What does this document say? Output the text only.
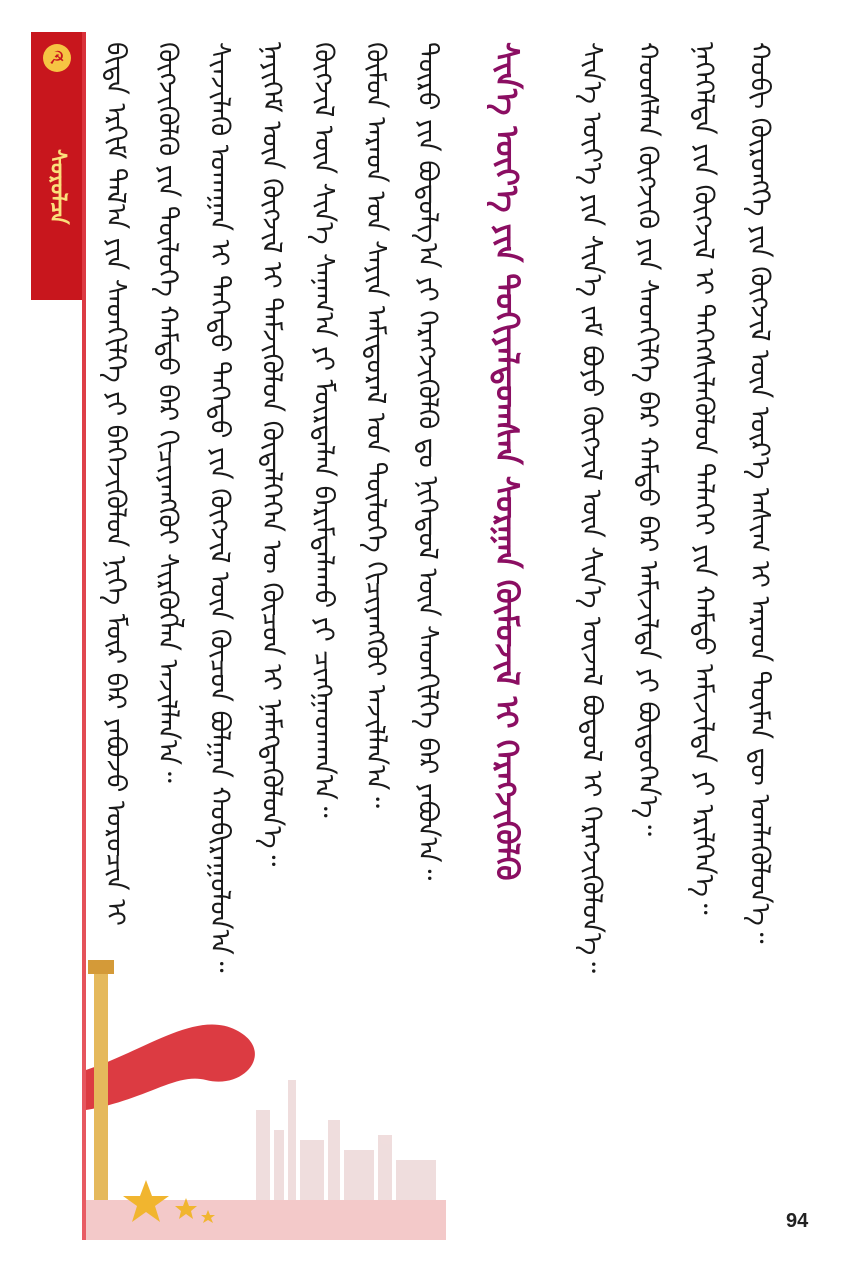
☭
ᠰᠤᠷᠤᠯᠴᠠ ᠪᠢᠳᠡ ᠡᠷᠬᠢᠮ ᠲᠠᠯ᠎ᠠ ᠶᠢᠨ ᠰᠡᠳᠬᠢᠯᠭᠡ ᠶᠢ ᠪᠡᠬᠡᠵᠢᠭᠦᠯᠦᠨ ᠨᠢᠭᠡ ᠮᠥᠷ ᠪᠡᠷ ᠶᠠᠪᠤᠵᠤ ᠣᠷᠤᠴᠢᠨ ᠢ ᠬᠥᠭᠵᠢᠭᠦᠯᠬᠦ ᠶᠢᠨ ᠲᠥᠯᠦᠭᠡ ᠬᠠᠮᠲᠤ ᠪᠡᠷ ᠬᠢᠴᠢᠶᠡᠩᠭᠦᠢ ᠰᠢᠷᠭᠦᠭᠯᠡᠨ ᠠᠵᠢᠯᠯᠠᠨ᠎ᠠ᠃ ᠰᠢᠨᠵᠢᠯᠡᠬᠦ ᠤᠬᠠᠭᠠᠨ ᠢ ᠳᠡᠭᠡᠳᠦ ᠳᠡᠭᠡᠳᠦ ᠶᠢᠨ ᠬᠥᠭᠵᠢᠯ ᠦᠨ ᠬᠦᠴᠦᠨ ᠪᠣᠯᠭᠠᠨ ᠬᠤᠪᠢᠷᠠᠭᠤᠯᠤᠨ᠎ᠠ᠃ ᠨᠡᠶᠢᠭᠡᠮ ᠦᠨ ᠬᠥᠭᠵᠢᠯ ᠢ ᠳᠡᠮᠵᠢᠭᠦᠯᠦᠨ ᠬᠥᠳᠡᠯᠭᠡᠭᠡᠨ ᠦ ᠬᠦᠴᠦᠨ ᠢ ᠨᠡᠮᠡᠭᠳᠡᠭᠦᠯᠦᠨ᠎ᠡ᠃ ᠬᠥᠭᠵᠢᠯ ᠦᠨ ᠰᠢᠨ᠎ᠡ ᠰᠠᠨᠠᠭ᠎ᠠ ᠶᠢ ᠮᠥᠷᠳᠡᠯᠡᠨ ᠪᠠᠷᠢᠮᠲᠠᠯᠠᠬᠤ ᠶᠢ ᠴᠢᠩᠭᠠᠳᠬᠠᠨ᠎ᠠ᠃ ᠬᠦᠮᠦᠨ ᠠᠷᠠᠳ ᠤᠨ ᠰᠠᠶᠢᠨ ᠠᠮᠢᠳᠤᠷᠠᠯ ᠤᠨ ᠲᠥᠯᠦᠭᠡ ᠬᠢᠴᠢᠶᠡᠩᠭᠦᠢ ᠠᠵᠢᠯᠯᠠᠨ᠎ᠠ᠃ ᠲᠥᠷᠦ ᠶᠢᠨ ᠪᠣᠳᠣᠯᠭ᠎ᠠ ᠶᠢ ᠬᠡᠷᠡᠭᠵᠢᠭᠦᠯᠬᠦ ᠳᠤ ᠨᠢᠭᠡᠳᠦᠯ ᠦᠨ ᠰᠡᠳᠬᠢᠯᠭᠡ ᠪᠡᠷ ᠶᠠᠪᠤᠨ᠎ᠠ᠃ ᠰᠢᠨ᠎ᠡ ᠦᠶ᠎ᠡ ᠶᠢᠨ ᠲᠣᠬᠢᠶᠠᠯᠳᠤᠭᠰᠠᠨ ᠰᠤᠷᠭᠠᠨ ᠬᠦᠮᠦᠵᠢᠯ ᠢ ᠬᠡᠷᠡᠭᠵᠢᠭᠦᠯᠬᠦ ᠰᠢᠨ᠎ᠡ ᠦᠶ᠎ᠡ ᠶᠢᠨ ᠰᠢᠨ᠎ᠡ ᠵᠠᠮ ᠪᠤᠶᠤ ᠬᠥᠭᠵᠢᠯ ᠦᠨ ᠰᠢᠨ᠎ᠡ ᠦᠵᠡᠯ ᠪᠣᠳᠣᠯ ᠢ ᠬᠡᠷᠡᠭᠵᠢᠭᠦᠯᠦᠨ᠎ᠡ᠃ ᠬᠣᠣᠰᠯᠠᠨ ᠬᠥᠭᠵᠢᠬᠦ ᠶᠢᠨ ᠰᠡᠳᠬᠢᠯᠭᠡ ᠪᠡᠷ ᠬᠠᠮᠲᠤ ᠪᠡᠷ ᠠᠮᠢᠵᠢᠯᠲᠠ ᠶᠢ ᠪᠦᠲᠦᠭᠡᠨ᠎ᠡ᠃ ᠨᠡᠭᠡᠭᠡᠯᠲᠡ ᠶᠢᠨ ᠬᠥᠭᠵᠢᠯ ᠢ ᠳᠡᠭᠡᠭᠰᠢᠯᠡᠭᠦᠯᠦᠨ ᠳᠡᠯᠡᠬᠡᠢ ᠶᠢᠨ ᠬᠠᠮᠲᠤ ᠠᠮᠢᠵᠢᠯᠲᠠ ᠶᠢ ᠡᠷᠢᠯᠬᠡᠨ᠎ᠡ᠃ ᠬᠣᠪᠢ ᠬᠥᠷᠦᠩᠭᠡ ᠶᠢᠨ ᠬᠥᠭᠵᠢᠯ ᠦᠨ ᠦᠷ᠎ᠡ ᠠᠰᠢᠭ ᠢ ᠠᠷᠠᠳ ᠲᠦᠮᠡᠨ ᠳᠦ ᠡᠳᠯᠡᠭᠦᠯᠦᠨ᠎ᠡ᠃
94
